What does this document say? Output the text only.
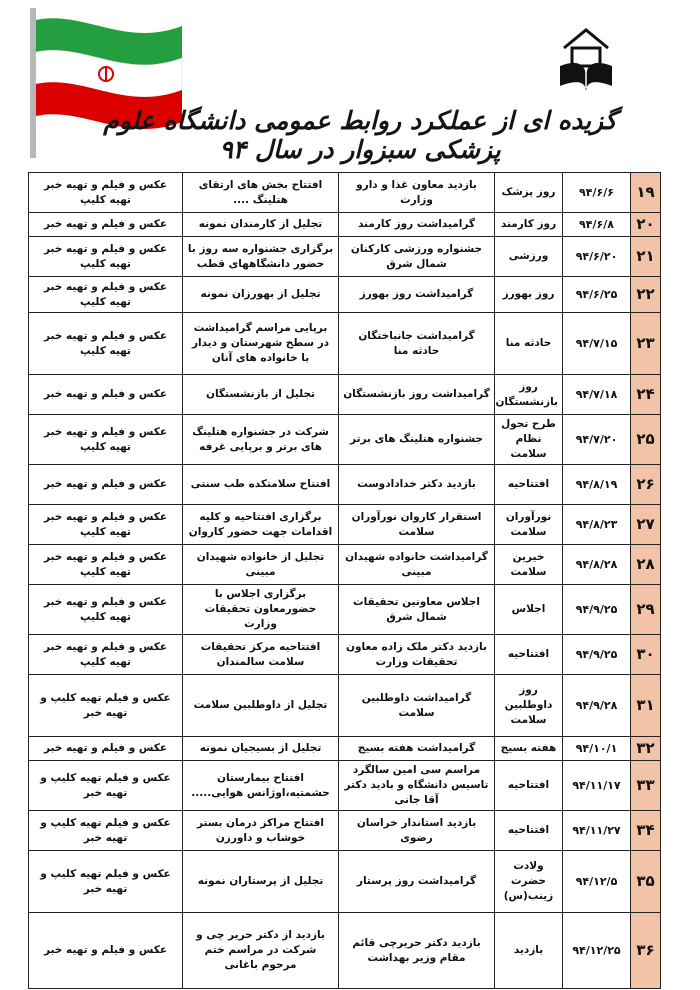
گزیده ای از عملکرد روابط عمومی دانشگاه علوم پزشکی سبزوار در سال ۹۴
۱۹	۹۴/۶/۶	روز پزشک	بازدید معاون غذا و دارو وزارت	افتتاح بخش های ارتقای هتلینگ ....	عکس و فیلم و تهیه خبر تهیه کلیپ
۲۰	۹۴/۶/۸	روز کارمند	گرامیداشت روز کارمند	تجلیل از کارمندان نمونه	عکس و فیلم و تهیه خبر
۲۱	۹۴/۶/۲۰	ورزشی	جشنواره ورزشی کارکنان شمال شرق	برگزاری جشنواره سه روز با حضور دانشگاههای قطب	عکس و فیلم و تهیه خبر تهیه کلیپ
۲۲	۹۴/۶/۲۵	روز بهورز	گرامیداشت روز بهورز	تجلیل از بهورزان نمونه	عکس و فیلم و تهیه خبر تهیه کلیپ
۲۳	۹۴/۷/۱۵	حادثه منا	گرامیداشت جانباختگان حادثه منا	برپایی مراسم گرامیداشت در سطح شهرستان و دیدار با خانواده های آنان	عکس و فیلم و تهیه خبر تهیه کلیپ
۲۴	۹۴/۷/۱۸	روز بازنشستگان	گرامیداشت روز بازنشستگان	تجلیل از بازنشستگان	عکس و فیلم و تهیه خبر
۲۵	۹۴/۷/۲۰	طرح تحول نظام سلامت	جشنواره هتلینگ های برتر	شرکت در جشنواره هتلینگ های برتر و برپایی غرفه	عکس و فیلم و تهیه خبر تهیه کلیپ
۲۶	۹۴/۸/۱۹	افتتاحیه	بازدید دکتر خدادادوست	افتتاح سلامتکده طب سنتی	عکس و فیلم و تهیه خبر
۲۷	۹۴/۸/۲۳	نورآوران سلامت	استقرار کاروان نورآوران سلامت	برگزاری افتتاحیه و کلیه اقدامات جهت حضور کاروان	عکس و فیلم و تهیه خبر تهیه کلیپ
۲۸	۹۴/۸/۲۸	خیرین سلامت	گرامیداشت خانواده شهیدان مبینی	تجلیل از خانواده شهیدان مبینی	عکس و فیلم و تهیه خبر تهیه کلیپ
۲۹	۹۴/۹/۲۵	اجلاس	اجلاس معاونین تحقیقات شمال شرق	برگزاری اجلاس با حضورمعاون تحقیقات وزارت	عکس و فیلم و تهیه خبر تهیه کلیپ
۳۰	۹۴/۹/۲۵	افتتاحیه	بازدید دکتر ملک زاده معاون تحقیقات وزارت	افتتاحیه مرکز تحقیقات سلامت سالمندان	عکس و فیلم و تهیه خبر تهیه کلیپ
۳۱	۹۴/۹/۲۸	روز داوطلبین سلامت	گرامیداشت داوطلبین سلامت	تجلیل از داوطلبین سلامت	عکس و فیلم تهیه کلیپ و تهیه خبر
۳۲	۹۴/۱۰/۱	هفته بسیج	گرامیداشت هفته بسیج	تجلیل از بسیجیان نمونه	عکس و فیلم و تهیه خبر
۳۳	۹۴/۱۱/۱۷	افتتاحیه	مراسم سی امین سالگرد تاسیس دانشگاه و بادید دکتر آقا جانی	افتتاح بیمارستان حشمتیه،اوژانس هوایی.....	عکس و فیلم تهیه کلیپ و تهیه خبر
۳۴	۹۴/۱۱/۲۷	افتتاحیه	بازدید استاندار خراسان رضوی	افتتاح مراکز درمان بستر خوشاب و داورزن	عکس و فیلم تهیه کلیپ و تهیه خبر
۳۵	۹۴/۱۲/۵	ولادت حضرت زینب(س)	گرامیداشت روز پرستار	تجلیل از پرستاران نمونه	عکس و فیلم تهیه کلیپ و تهیه خبر
۳۶	۹۴/۱۲/۲۵	بازدید	بازدید دکتر حریرچی قائم مقام وزیر بهداشت	بازدید از دکتر حریر چی و شرکت در مراسم ختم مرحوم باغانی	عکس و فیلم و تهیه خبر
